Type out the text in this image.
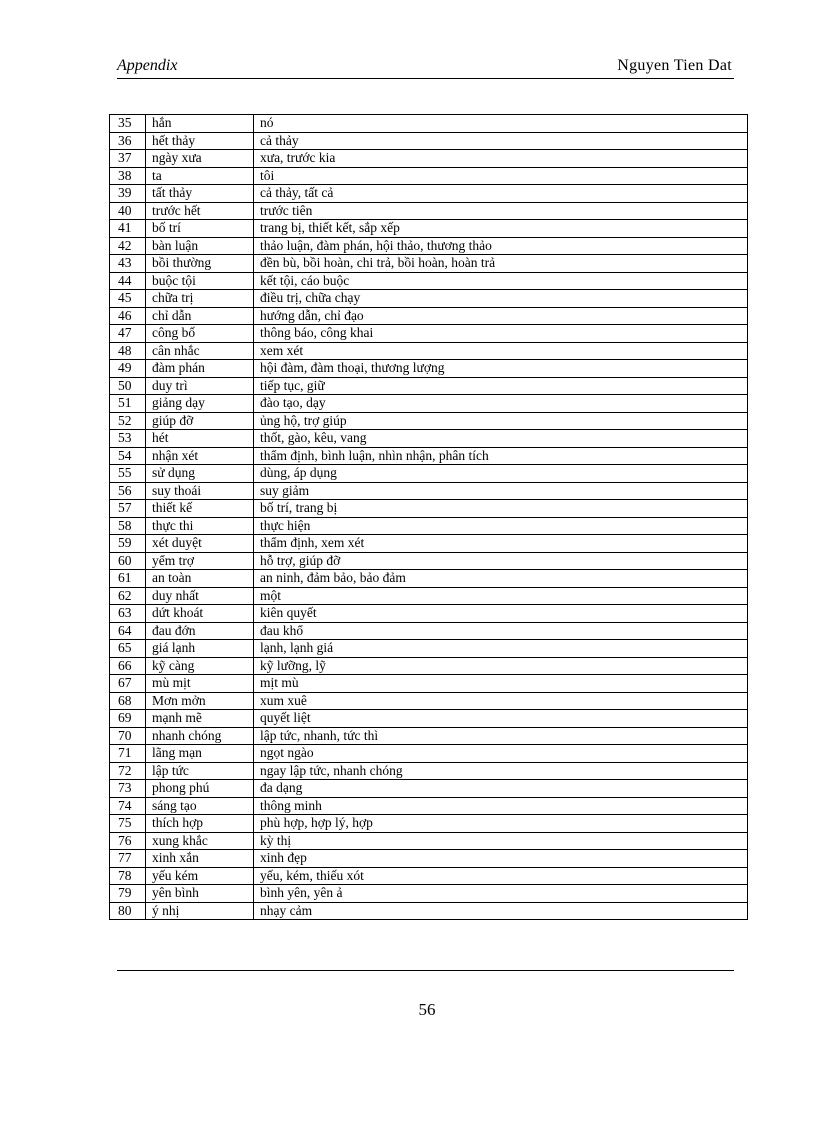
Appendix	Nguyen Tien Dat
35	hắn	nó
36	hết thảy	cả thảy
37	ngày xưa	xưa, trước kia
38	ta	tôi
39	tất thảy	cả thảy, tất cả
40	trước hết	trước tiên
41	bố trí	trang bị, thiết kết, sắp xếp
42	bàn luận	thảo luận, đàm phán, hội thảo, thương thảo
43	bồi thường	đền bù, bồi hoàn, chi trả, bồi hoàn, hoàn trả
44	buộc tội	kết tội, cáo buộc
45	chữa trị	điều trị, chữa chạy
46	chỉ dẫn	hướng dẫn, chỉ đạo
47	công bố	thông báo, công khai
48	cân nhắc	xem xét
49	đàm phán	hội đàm, đàm thoại, thương lượng
50	duy trì	tiếp tục, giữ
51	giảng dạy	đào tạo, dạy
52	giúp đỡ	ủng hộ, trợ giúp
53	hét	thốt, gào, kêu, vang
54	nhận xét	thẩm định, bình luận, nhìn nhận, phân tích
55	sử dụng	dùng, áp dụng
56	suy thoái	suy giảm
57	thiết kế	bố trí, trang bị
58	thực thi	thực hiện
59	xét duyệt	thẩm định, xem xét
60	yểm trợ	hỗ trợ, giúp đỡ
61	an toàn	an ninh, đảm bảo, bảo đảm
62	duy nhất	một
63	dứt khoát	kiên quyết
64	đau đớn	đau khổ
65	giá lạnh	lạnh, lạnh giá
66	kỹ càng	kỹ lưỡng, lỹ
67	mù mịt	mịt mù
68	Mơn mởn	xum xuê
69	mạnh mẽ	quyết liệt
70	nhanh chóng	lập tức, nhanh, tức thì
71	lãng mạn	ngọt ngào
72	lập tức	ngay lập tức, nhanh chóng
73	phong phú	đa dạng
74	sáng tạo	thông minh
75	thích hợp	phù hợp, hợp lý, hợp
76	xung khắc	kỳ thị
77	xinh xắn	xinh đẹp
78	yếu kém	yếu, kém, thiếu xót
79	yên bình	bình yên, yên ả
80	ý nhị	nhạy cảm
56
